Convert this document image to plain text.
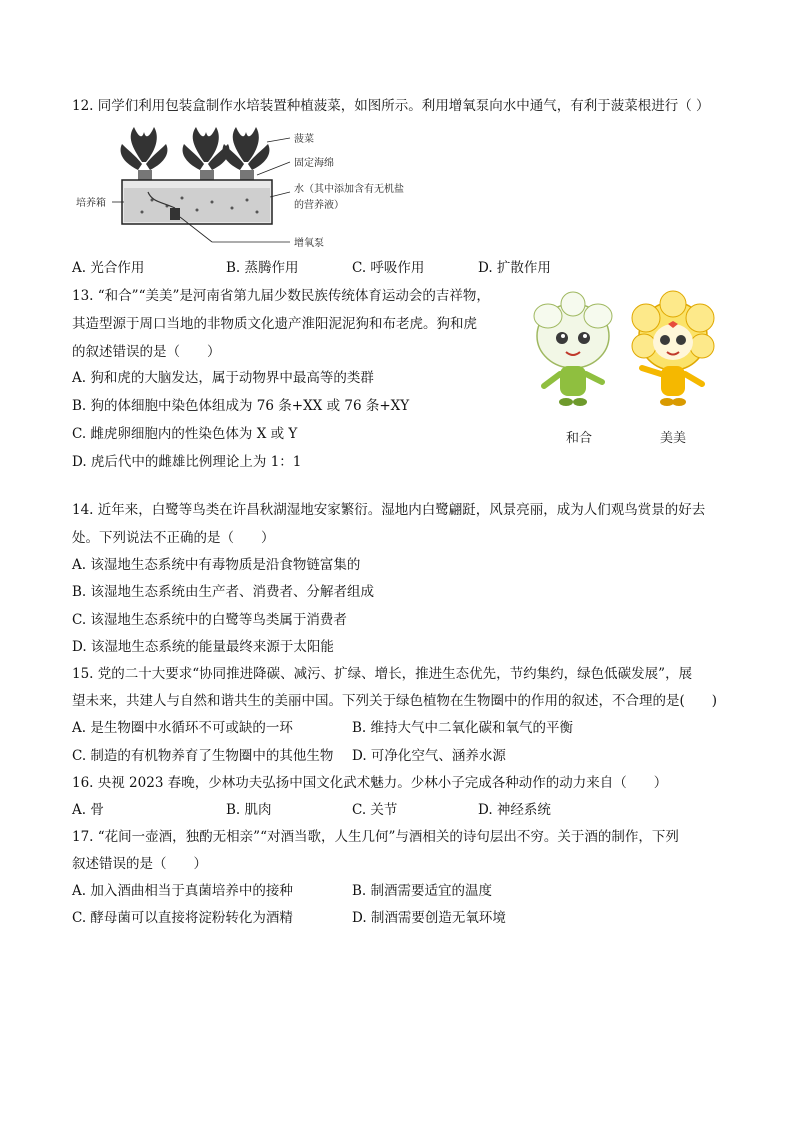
12. 同学们利用包装盒制作水培装置种植菠菜，如图所示。利用增氧泵向水中通气，有利于菠菜根进行（ ）
菠菜
固定海绵
水（其中添加含有无机盐
的营养液）
培养箱
增氧泵
A. 光合作用	B. 蒸腾作用	C. 呼吸作用	D. 扩散作用
13. “和合”“美美”是河南省第九届少数民族传统体育运动会的吉祥物，
其造型源于周口当地的非物质文化遗产淮阳泥泥狗和布老虎。狗和虎
的叙述错误的是（　　）
A. 狗和虎的大脑发达，属于动物界中最高等的类群
B. 狗的体细胞中染色体组成为 76 条+XX 或 76 条+XY
C. 雌虎卵细胞内的性染色体为 X 或 Y
D. 虎后代中的雌雄比例理论上为 1：1
和合	美美
14. 近年来，白鹭等鸟类在许昌秋湖湿地安家繁衍。湿地内白鹭翩跹，风景亮丽，成为人们观鸟赏景的好去
处。下列说法不正确的是（　　）
A. 该湿地生态系统中有毒物质是沿食物链富集的
B. 该湿地生态系统由生产者、消费者、分解者组成
C. 该湿地生态系统中的白鹭等鸟类属于消费者
D. 该湿地生态系统的能量最终来源于太阳能
15. 党的二十大要求“协同推进降碳、减污、扩绿、增长，推进生态优先，节约集约，绿色低碳发展”，展
望未来，共建人与自然和谐共生的美丽中国。下列关于绿色植物在生物圈中的作用的叙述，不合理的是(　　)
A. 是生物圈中水循环不可或缺的一环	B. 维持大气中二氧化碳和氧气的平衡
C. 制造的有机物养育了生物圈中的其他生物 D. 可净化空气、涵养水源
16. 央视 2023 春晚，少林功夫弘扬中国文化武术魅力。少林小子完成各种动作的动力来自（　　）
A. 骨	B. 肌肉	C. 关节	D. 神经系统
17. “花间一壶酒，独酌无相亲”“对酒当歌，人生几何”与酒相关的诗句层出不穷。关于酒的制作，下列
叙述错误的是（　　）
A. 加入酒曲相当于真菌培养中的接种	B. 制酒需要适宜的温度
C. 酵母菌可以直接将淀粉转化为酒精	D. 制酒需要创造无氧环境
